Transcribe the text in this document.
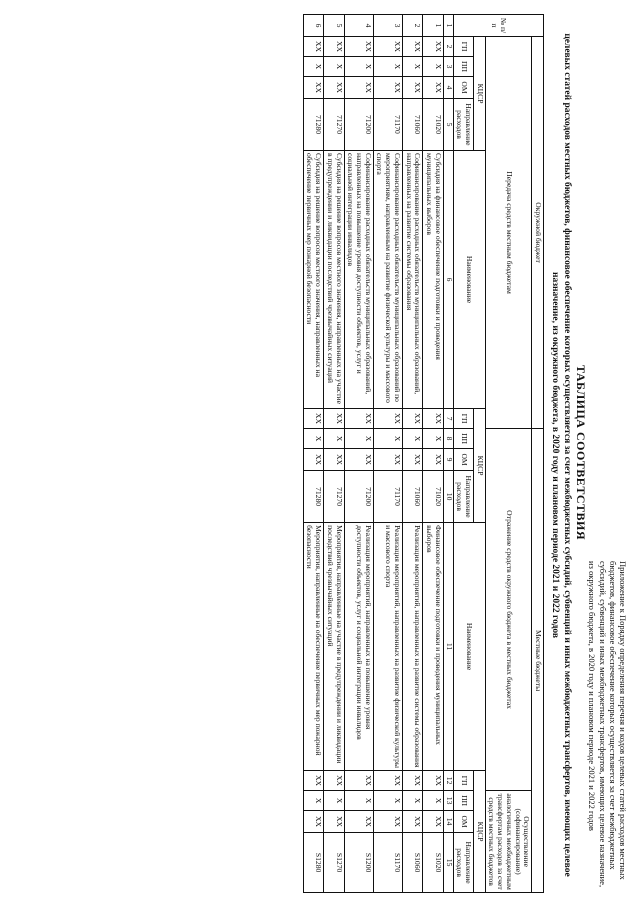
Приложение к Порядку определения перечня и кодов целевых статей расходов местных бюджетов, финансовое обеспечение которых осуществляется за счет межбюджетных субсидий, субвенций и иных межбюджетных трансфертов, имеющих целевое назначение, из окружного бюджета, в 2020 году и плановом периоде 2021 и 2022 годов
ТАБЛИЦА СООТВЕТСТВИЯ
целевых статей расходов местных бюджетов, финансовое обеспечение которых осуществляется за счет межбюджетных субсидий, субвенций и иных межбюджетных трансфертов, имеющих целевое назначение, из окружного бюджета, в 2020 году и плановом периоде 2021 и 2022 годов
№ п/п	Окружной бюджет						Местные бюджеты							
	Передача средств местным бюджетам						Отражение средств окружного бюджета в местных бюджетах					Осуществление (софинансирование) аналогичных межбюджетным трансфертам расходов за счет средств местных бюджетов		
	КЦСР				Наименование	КЦСР				Наименование	КЦСР			
	ГП	ПП	ОМ	Направление расходов		ГП	ПП	ОМ	Направление расходов		ГП	ПП	ОМ	Направление расходов
1	2	3	4	5	6	7	8	9	10	11	12	13	14	15
1	XX	X	XX	71020	Субсидия на финансовое обеспечение подготовки и проведения муниципальных выборов	XX	X	XX	71020	Финансовое обеспечение подготовки и проведения муниципальных выборов	XX	X	XX	S1020
2	XX	X	XX	71060	Софинансирование расходных обязательств муниципальных образований, направленных на развитие системы образования	XX	X	XX	71060	Реализация мероприятий, направленных на развитие системы образования	XX	X	XX	S1060
3	XX	X	XX	71170	Софинансирование расходных обязательств муниципальных образований по мероприятиям, направленным на развитие физической культуры и массового спорта	XX	X	XX	71170	Реализация мероприятий, направленных на развитие физической культуры и массового спорта	XX	X	XX	S1170
4	XX	X	XX	71200	Софинансирование расходных обязательств муниципальных образований, направленных на повышение уровня доступности объектов, услуг и социальной интеграции инвалидов	XX	X	XX	71200	Реализация мероприятий, направленных на повышение уровня доступности объектов, услуг и социальной интеграции инвалидов	XX	X	XX	S1200
5	XX	X	XX	71270	Субсидия на решение вопросов местного значения, направленных на участие в предупреждении и ликвидации последствий чрезвычайных ситуаций	XX	X	XX	71270	Мероприятия, направленные на участие в предупреждении и ликвидации последствий чрезвычайных ситуаций	XX	X	XX	S1270
6	XX	X	XX	71280	Субсидия на решение вопросов местного значения, направленных на обеспечение первичных мер пожарной безопасности	XX	X	XX	71280	Мероприятия, направленные на обеспечение первичных мер пожарной безопасности	XX	X	XX	S1280
